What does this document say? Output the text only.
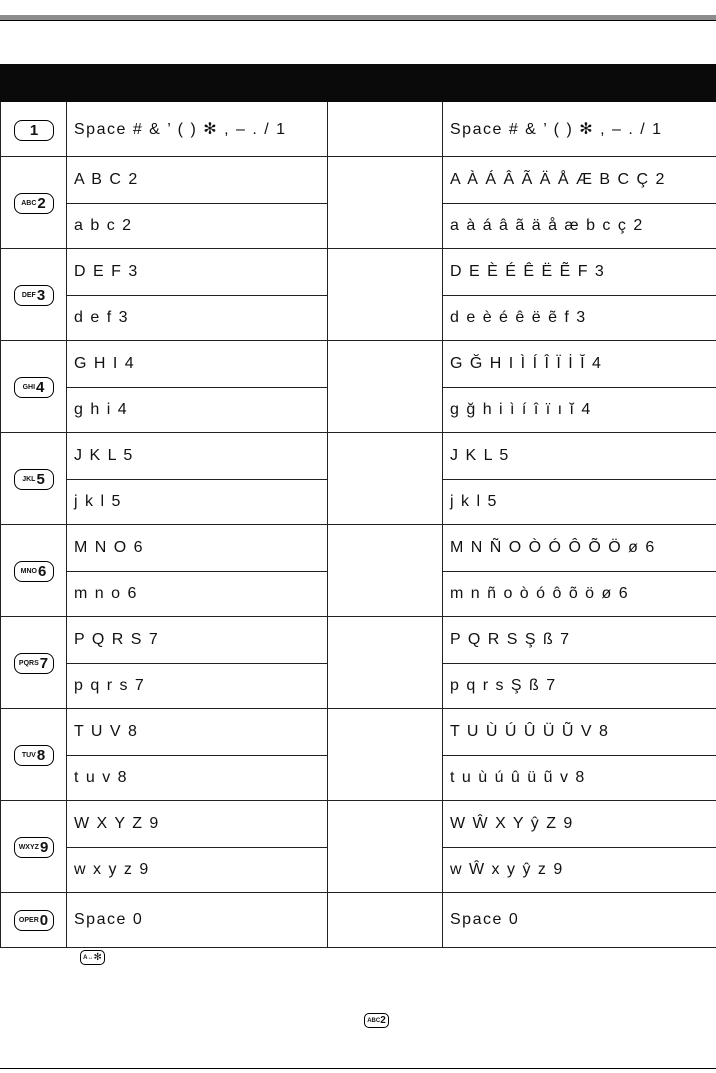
1	Space # & ’ ( ) ✻ , – . / 1		Space # & ’ ( ) ✻ , – . / 1

ABC 2	A B C 2		A À Á Â Ã Ä Å Æ B C Ç 2
	a b c 2		a à á â ã ä å æ b c ç 2

DEF 3	D E F 3		D E È É Ê Ë Ẽ F 3
	d e f 3		d e è é ê ë ẽ f 3

GHI 4	G H I 4		G Ğ H I Ì Í Î Ï İ Ĭ 4
	g h i 4		g ğ h i ì í î ï ı ĭ 4

JKL 5	J K L 5		J K L 5
	j k l 5		j k l 5

MNO 6	M N O 6		M N Ñ O Ò Ó Ô Õ Ö ø 6
	m n o 6		m n ñ o ò ó ô õ ö ø 6

PQRS 7	P Q R S 7		P Q R S Ş ß 7
	p q r s 7		p q r s Ş ß 7

TUV 8	T U V 8		T U Ù Ú Û Ü Ũ V 8
	t u v 8		t u ù ú û ü ũ v 8

WXYZ 9	W X Y Z 9		W Ŵ X Y ŷ Z 9
	w x y z 9		w Ŵ x y ŷ z 9

OPER 0	Space 0		Space 0
A↔ ✻
ABC 2
